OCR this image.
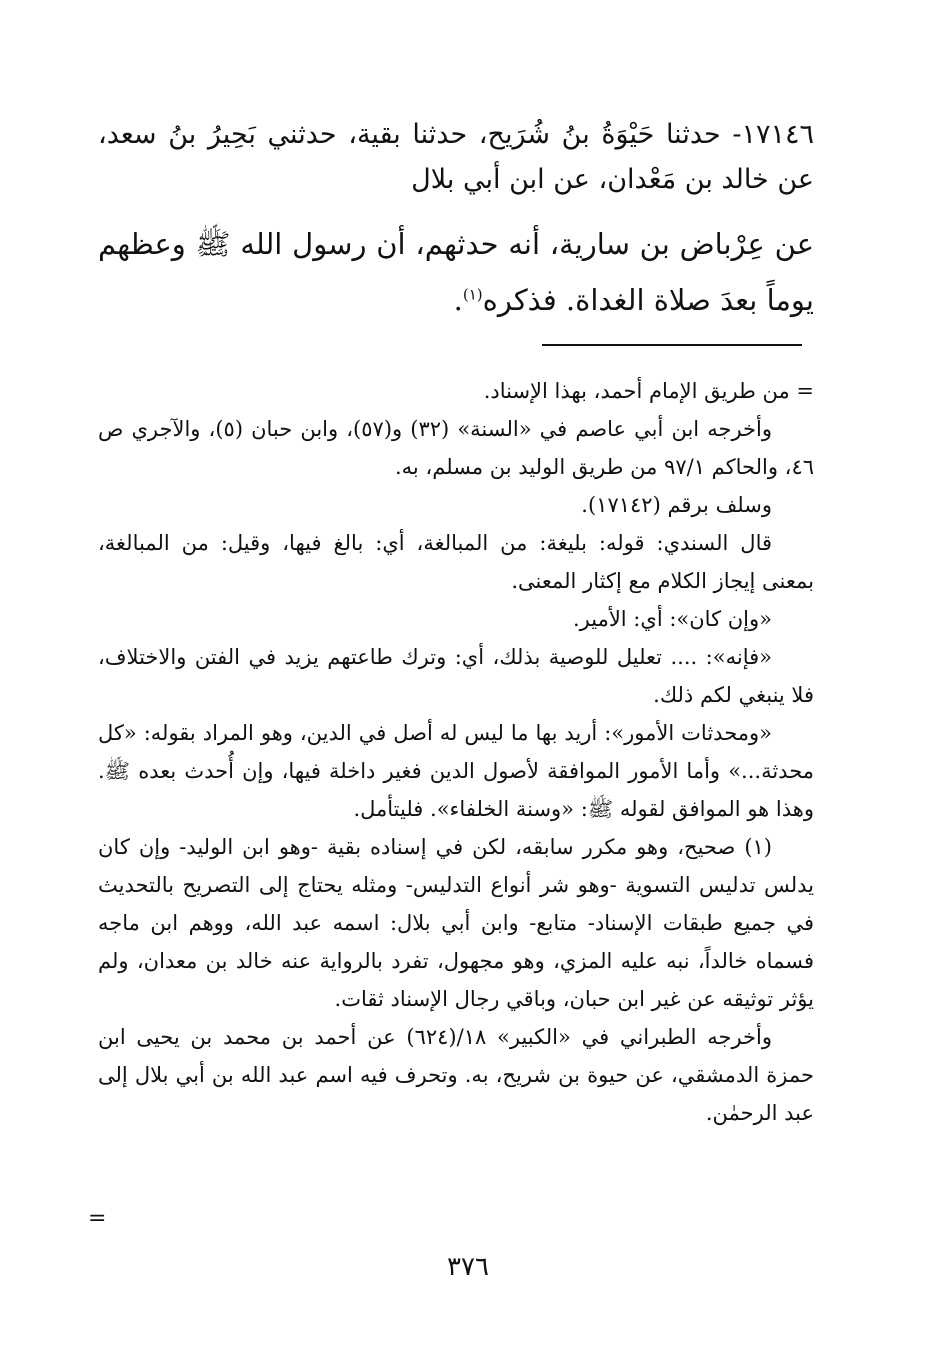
١٧١٤٦- حدثنا حَيْوَةُ بنُ شُرَيح، حدثنا بقية، حدثني بَحِيرُ بنُ سعد، عن خالد بن مَعْدان، عن ابن أبي بلال

عن عِرْباض بن سارية، أنه حدثهم، أن رسول الله ﷺ وعظهم يوماً بعدَ صلاة الغداة. فذكره$^{(١)}$.

= من طريق الإمام أحمد، بهذا الإسناد.

وأخرجه ابن أبي عاصم في «السنة» (٣٢) و(٥٧)، وابن حبان (٥)، والآجري ص ٤٦، والحاكم ٩٧/١ من طريق الوليد بن مسلم، به.

وسلف برقم (١٧١٤٢).

قال السندي: قوله: بليغة: من المبالغة، أي: بالغ فيها، وقيل: من المبالغة، بمعنى إيجاز الكلام مع إكثار المعنى.

«وإن كان»: أي: الأمير.

«فإنه»: .... تعليل للوصية بذلك، أي: وترك طاعتهم يزيد في الفتن والاختلاف، فلا ينبغي لكم ذلك.

«ومحدثات الأمور»: أريد بها ما ليس له أصل في الدين، وهو المراد بقوله: «كل محدثة...» وأما الأمور الموافقة لأصول الدين فغير داخلة فيها، وإن أُحدث بعده ﷺ. وهذا هو الموافق لقوله ﷺ: «وسنة الخلفاء». فليتأمل.

(١) صحيح، وهو مكرر سابقه، لكن في إسناده بقية -وهو ابن الوليد- وإن كان يدلس تدليس التسوية -وهو شر أنواع التدليس- ومثله يحتاج إلى التصريح بالتحديث في جميع طبقات الإسناد- متابع- وابن أبي بلال: اسمه عبد الله، ووهم ابن ماجه فسماه خالداً، نبه عليه المزي، وهو مجهول، تفرد بالرواية عنه خالد بن معدان، ولم يؤثر توثيقه عن غير ابن حبان، وباقي رجال الإسناد ثقات.

وأخرجه الطبراني في «الكبير» ١٨/(٦٢٤) عن أحمد بن محمد بن يحيى ابن حمزة الدمشقي، عن حيوة بن شريح، به. وتحرف فيه اسم عبد الله بن أبي بلال إلى عبد الرحمٰن.

=
٣٧٦
